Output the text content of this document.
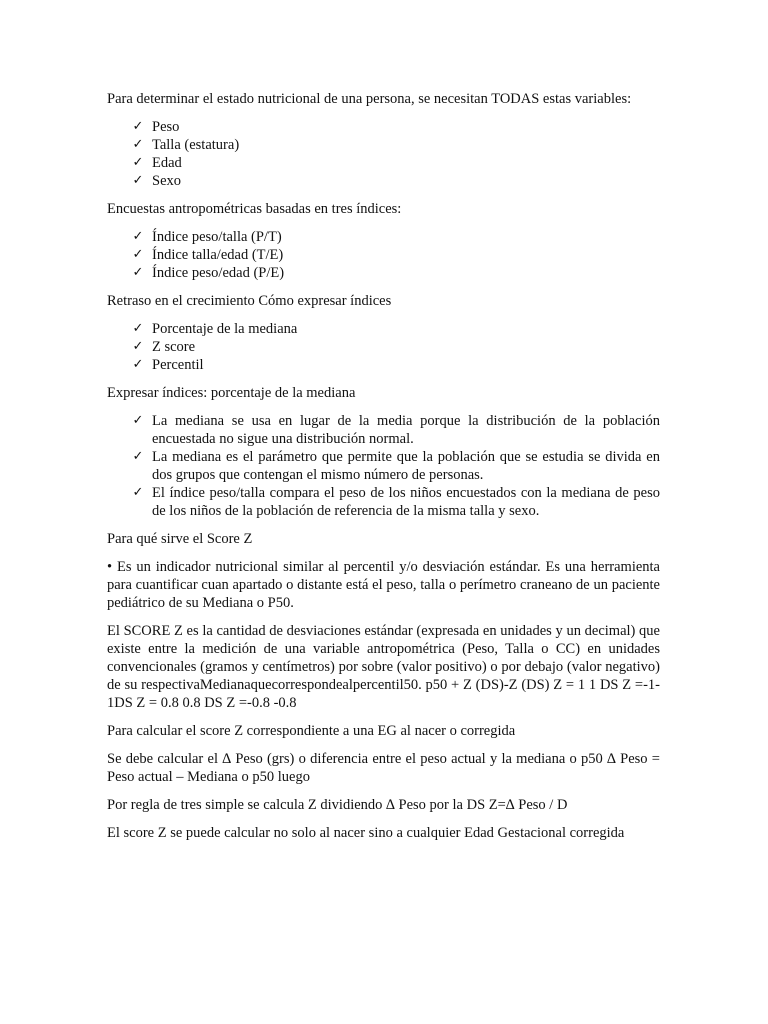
Para determinar el estado nutricional de una persona, se necesitan TODAS estas variables:

✓ Peso
✓ Talla (estatura)
✓ Edad
✓ Sexo

Encuestas antropométricas basadas en tres índices:

✓ Índice peso/talla (P/T)
✓ Índice talla/edad (T/E)
✓ Índice peso/edad (P/E)

Retraso en el crecimiento Cómo expresar índices

✓ Porcentaje de la mediana
✓ Z score
✓ Percentil

Expresar índices: porcentaje de la mediana

✓ La mediana se usa en lugar de la media porque la distribución de la población encuestada no sigue una distribución normal.
✓ La mediana es el parámetro que permite que la población que se estudia se divida en dos grupos que contengan el mismo número de personas.
✓ El índice peso/talla compara el peso de los niños encuestados con la mediana de peso de los niños de la población de referencia de la misma talla y sexo.

Para qué sirve el Score Z

• Es un indicador nutricional similar al percentil y/o desviación estándar. Es una herramienta para cuantificar cuan apartado o distante está el peso, talla o perímetro craneano de un paciente pediátrico de su Mediana o P50.

El SCORE Z es la cantidad de desviaciones estándar (expresada en unidades y un decimal) que existe entre la medición de una variable antropométrica (Peso, Talla o CC) en unidades convencionales (gramos y centímetros) por sobre (valor positivo) o por debajo (valor negativo) de su respectivaMedianaquecorrespondealpercentil50. p50 + Z (DS)-Z (DS) Z = 1 1 DS Z =-1-1DS Z = 0.8 0.8 DS Z =-0.8 -0.8

Para calcular el score Z correspondiente a una EG al nacer o corregida

Se debe calcular el ∆ Peso (grs) o diferencia entre el peso actual y la mediana o p50 ∆ Peso = Peso actual – Mediana o p50 luego

Por regla de tres simple se calcula Z dividiendo ∆ Peso por la DS Z=∆ Peso / D

El score Z se puede calcular no solo al nacer sino a cualquier Edad Gestacional corregida
